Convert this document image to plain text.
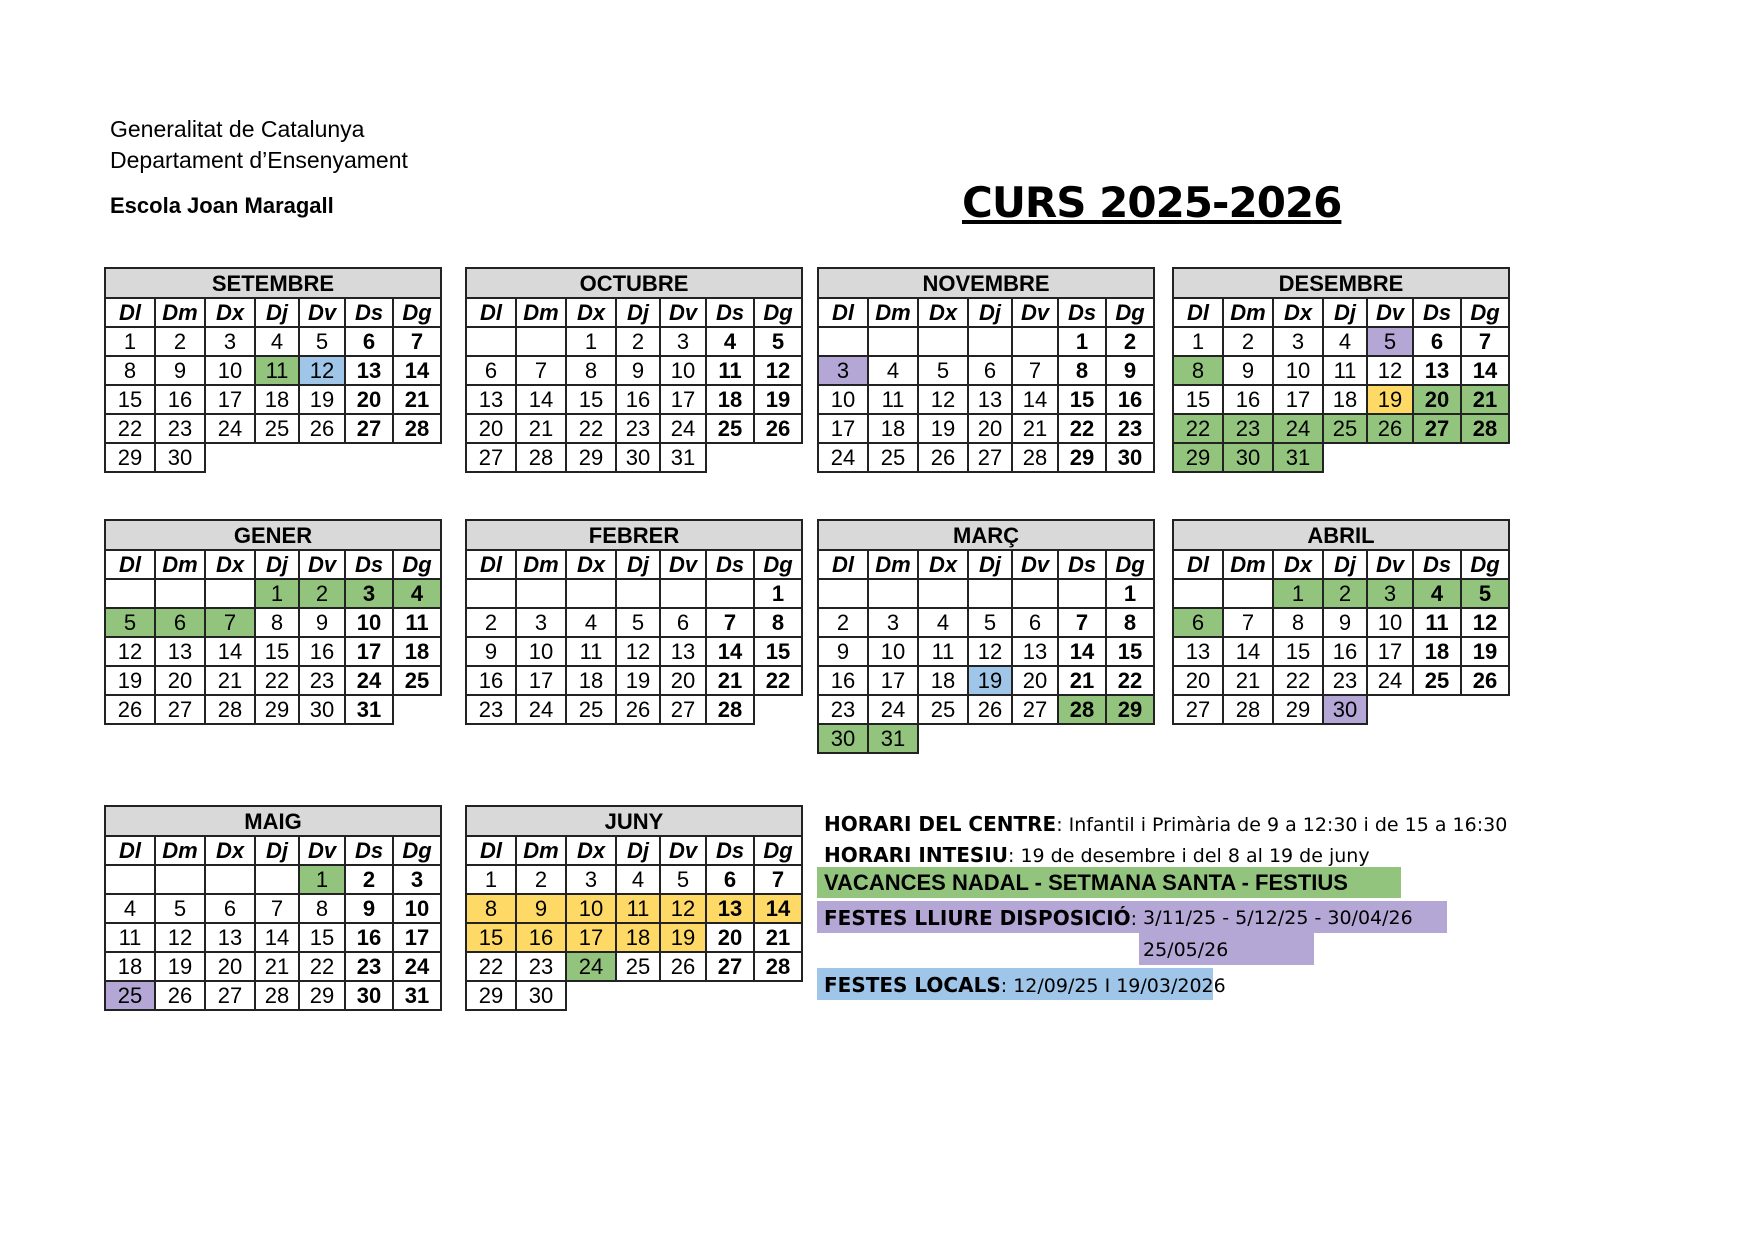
Generalitat de Catalunya
Departament d’Ensenyament
Escola Joan Maragall	CURS 2025-2026
SETEMBRE						
Dl	Dm	Dx	Dj	Dv	Ds	Dg
1	2	3	4	5	6	7
8	9	10	11	12	13	14
15	16	17	18	19	20	21
22	23	24	25	26	27	28
29	30					
OCTUBRE						
Dl	Dm	Dx	Dj	Dv	Ds	Dg
		1	2	3	4	5
6	7	8	9	10	11	12
13	14	15	16	17	18	19
20	21	22	23	24	25	26
27	28	29	30	31		
NOVEMBRE						
Dl	Dm	Dx	Dj	Dv	Ds	Dg
					1	2
3	4	5	6	7	8	9
10	11	12	13	14	15	16
17	18	19	20	21	22	23
24	25	26	27	28	29	30
DESEMBRE						
Dl	Dm	Dx	Dj	Dv	Ds	Dg
1	2	3	4	5	6	7
8	9	10	11	12	13	14
15	16	17	18	19	20	21
22	23	24	25	26	27	28
29	30	31				
GENER						
Dl	Dm	Dx	Dj	Dv	Ds	Dg
			1	2	3	4
5	6	7	8	9	10	11
12	13	14	15	16	17	18
19	20	21	22	23	24	25
26	27	28	29	30	31	
FEBRER						
Dl	Dm	Dx	Dj	Dv	Ds	Dg
						1
2	3	4	5	6	7	8
9	10	11	12	13	14	15
16	17	18	19	20	21	22
23	24	25	26	27	28	
MARÇ						
Dl	Dm	Dx	Dj	Dv	Ds	Dg
						1
2	3	4	5	6	7	8
9	10	11	12	13	14	15
16	17	18	19	20	21	22
23	24	25	26	27	28	29
30	31					
ABRIL						
Dl	Dm	Dx	Dj	Dv	Ds	Dg
		1	2	3	4	5
6	7	8	9	10	11	12
13	14	15	16	17	18	19
20	21	22	23	24	25	26
27	28	29	30			
MAIG						
Dl	Dm	Dx	Dj	Dv	Ds	Dg
				1	2	3
4	5	6	7	8	9	10
11	12	13	14	15	16	17
18	19	20	21	22	23	24
25	26	27	28	29	30	31
JUNY						
Dl	Dm	Dx	Dj	Dv	Ds	Dg
1	2	3	4	5	6	7
8	9	10	11	12	13	14
15	16	17	18	19	20	21
22	23	24	25	26	27	28
29	30					
HORARI DEL CENTRE: Infantil i Primària de 9 a 12:30 i de 15 a 16:30
HORARI INTESIU: 19 de desembre i del 8 al 19 de juny
VACANCES NADAL - SETMANA SANTA - FESTIUS
FESTES LLIURE DISPOSICIÓ: 3/11/25 - 5/12/25 - 30/04/26
25/05/26
FESTES LOCALS: 12/09/25 I 19/03/2026
